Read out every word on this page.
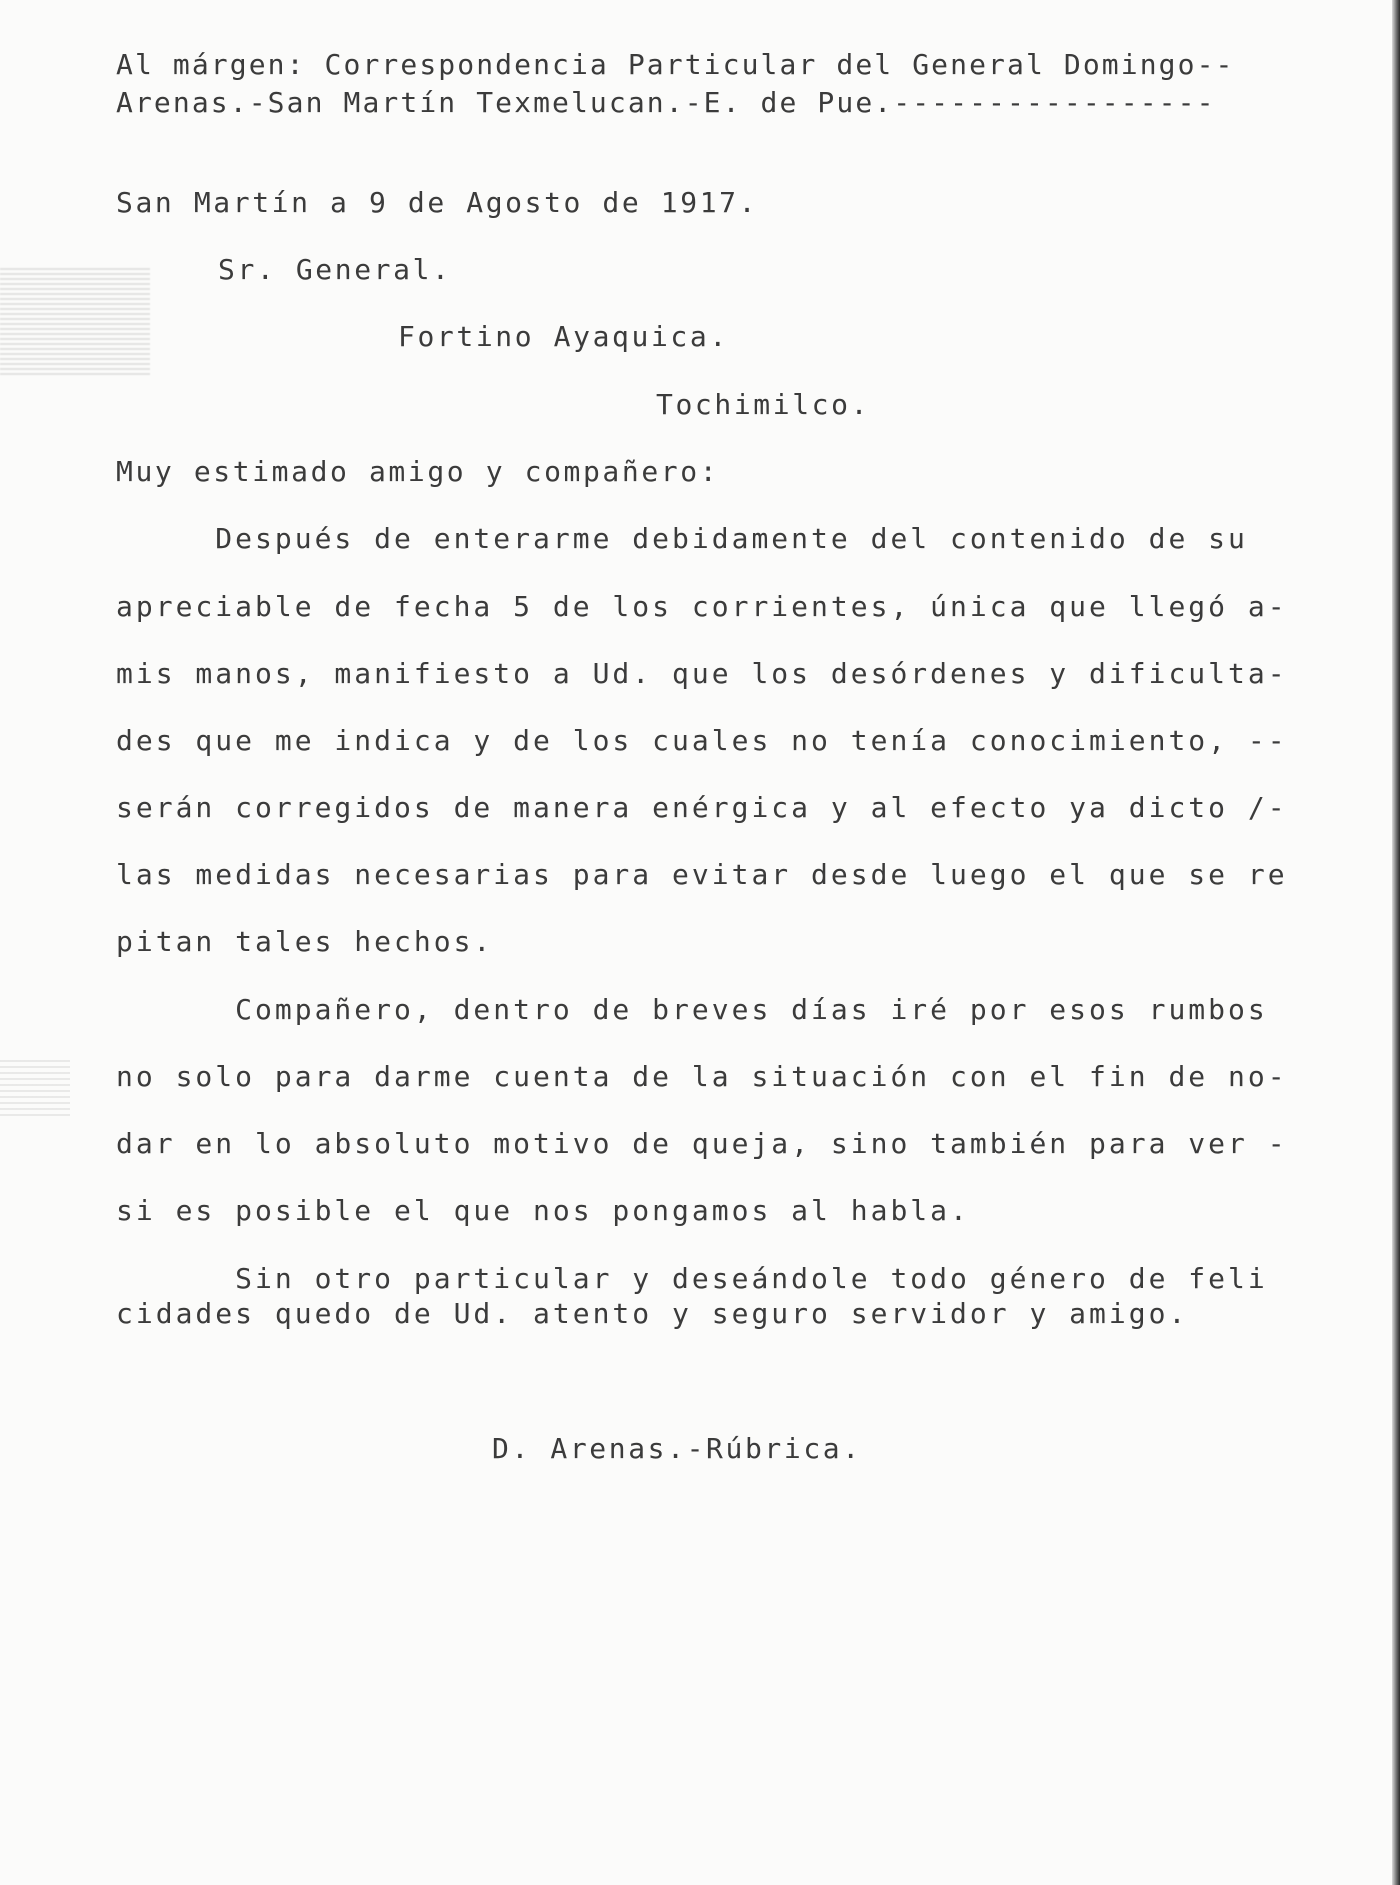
Al márgen: Correspondencia Particular del General Domingo--
Arenas.-San Martín Texmelucan.-E. de Pue.-----------------
San Martín a 9 de Agosto de 1917.
Sr. General.
Fortino Ayaquica.
Tochimilco.
Muy estimado amigo y compañero:
Después de enterarme debidamente del contenido de su
apreciable de fecha 5 de los corrientes, única que llegó a-
mis manos, manifiesto a Ud. que los desórdenes y dificulta-
des que me indica y de los cuales no tenía conocimiento, --
serán corregidos de manera enérgica y al efecto ya dicto /-
las medidas necesarias para evitar desde luego el que se re
pitan tales hechos.
Compañero, dentro de breves días iré por esos rumbos
no solo para darme cuenta de la situación con el fin de no-
dar en lo absoluto motivo de queja, sino también para ver -
si es posible el que nos pongamos al habla.
Sin otro particular y deseándole todo género de feli
cidades quedo de Ud. atento y seguro servidor y amigo.
D. Arenas.-Rúbrica.
